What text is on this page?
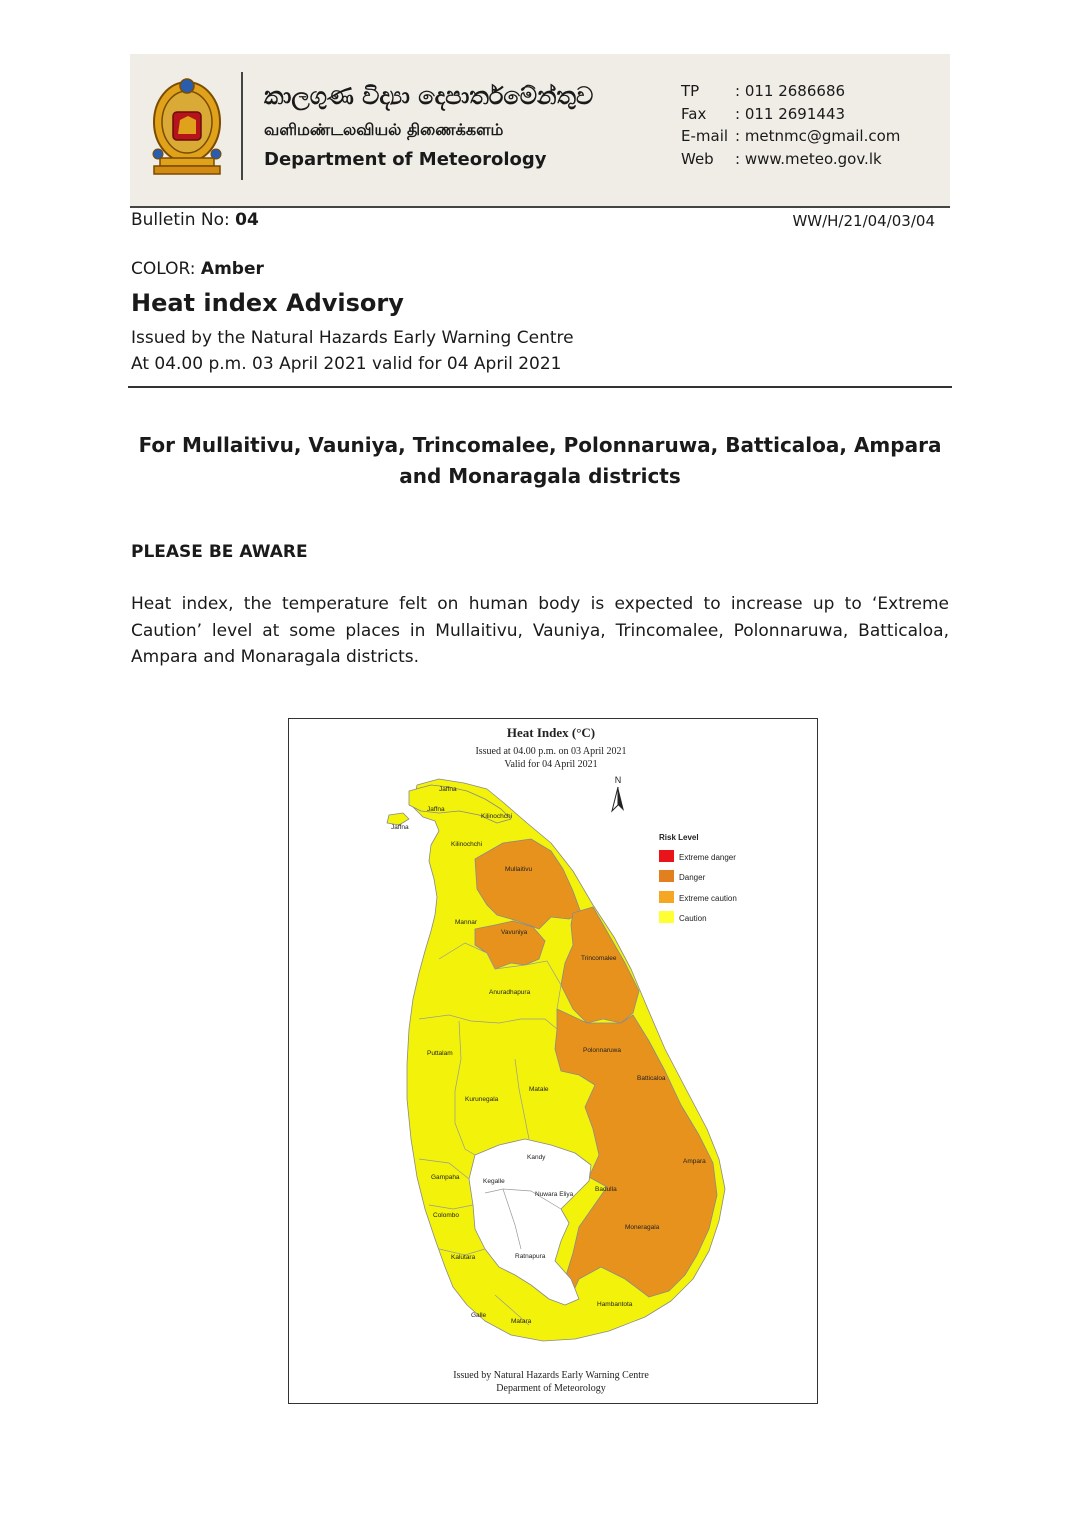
කාලගුණ විද්‍යා දෙපාර්තමේන්තුව
வளிமண்டலவியல் திணைக்களம்
Department of Meteorology
TP : 011 2686686
Fax : 011 2691443
E-mail : metnmc@gmail.com
Web : www.meteo.gov.lk
Bulletin No: 04	WW/H/21/04/03/04
COLOR: Amber
Heat index Advisory
Issued by the Natural Hazards Early Warning Centre
At 04.00 p.m. 03 April 2021 valid for 04 April 2021
For Mullaitivu, Vauniya, Trincomalee, Polonnaruwa, Batticaloa, Ampara and Monaragala districts
PLEASE BE AWARE
Heat index, the temperature felt on human body is expected to increase up to ‘Extreme Caution’ level at some places in Mullaitivu, Vauniya, Trincomalee, Polonnaruwa, Batticaloa, Ampara and Monaragala districts.
Heat Index (°C)
Issued at 04.00 p.m. on 03 April 2021
Valid for 04 April 2021
N
Risk Level
Extreme danger
Danger
Extreme caution
Caution
Jaffna
Jaffna
Jaffna
Kilinochchi
Kilinochchi
Mullaitivu
Mannar
Vavuniya
Trincomalee
Anuradhapura
Puttalam	Polonnaruwa
Batticaloa
Matale
Kurunegala
Kandy
Kegalle
Nuwara Eliya
Badulla
Ampara
Gampaha
Colombo
Moneragala
Kalutara	Ratnapura
Hambantota
Galle
Matara
Issued by Natural Hazards Early Warning Centre
Deparment of Meteorology
